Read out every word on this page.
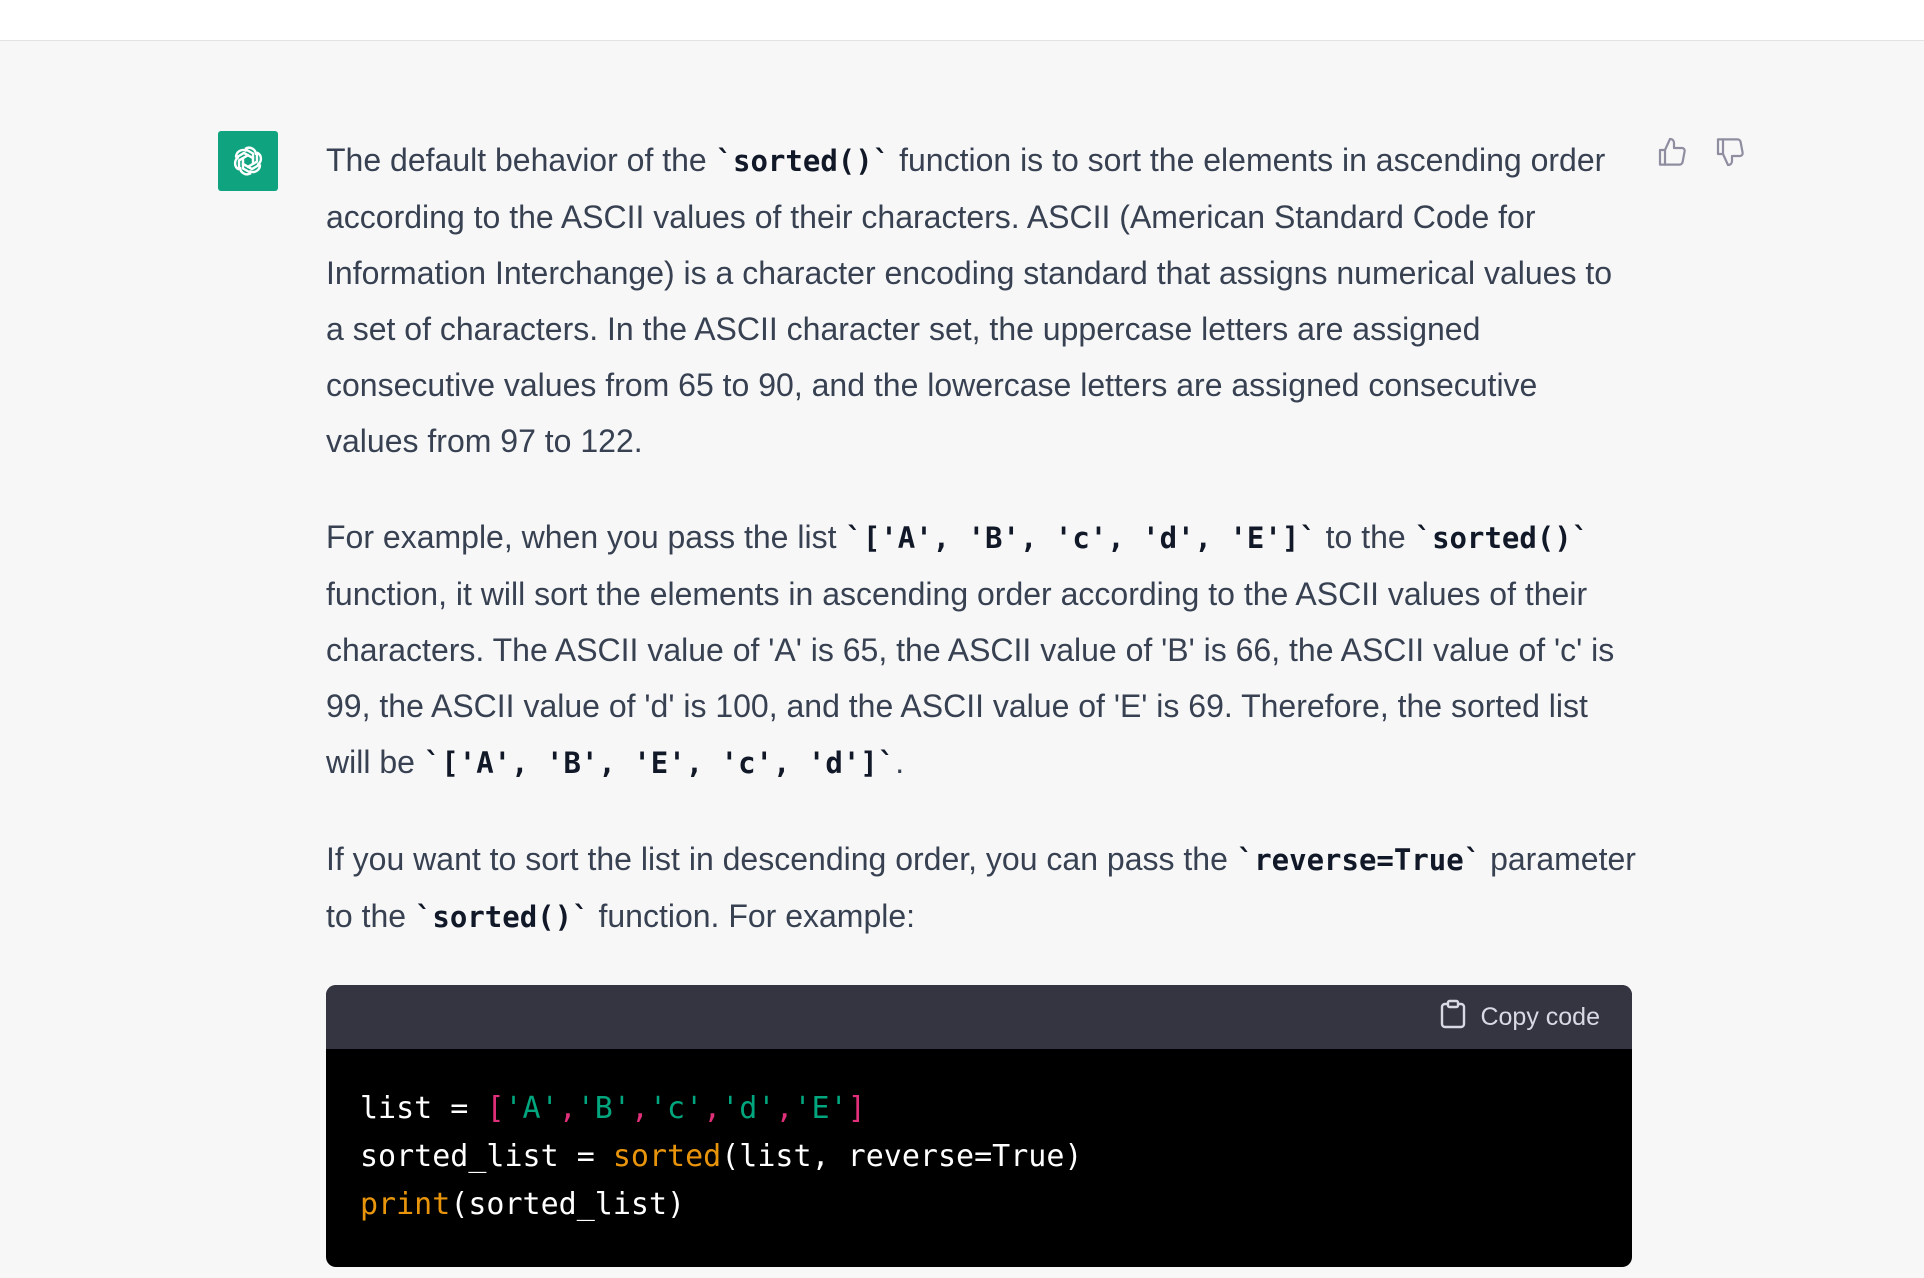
The default behavior of the `sorted()` function is to sort the elements in ascending order according to the ASCII values of their characters. ASCII (American Standard Code for Information Interchange) is a character encoding standard that assigns numerical values to a set of characters. In the ASCII character set, the uppercase letters are assigned consecutive values from 65 to 90, and the lowercase letters are assigned consecutive values from 97 to 122.

For example, when you pass the list `['A', 'B', 'c', 'd', 'E']` to the `sorted()` function, it will sort the elements in ascending order according to the ASCII values of their characters. The ASCII value of 'A' is 65, the ASCII value of 'B' is 66, the ASCII value of 'c' is 99, the ASCII value of 'd' is 100, and the ASCII value of 'E' is 69. Therefore, the sorted list will be `['A', 'B', 'E', 'c', 'd']`.

If you want to sort the list in descending order, you can pass the `reverse=True` parameter to the `sorted()` function. For example:

Copy code
list = ['A','B','c','d','E']
sorted_list = sorted(list, reverse=True)
print(sorted_list)
